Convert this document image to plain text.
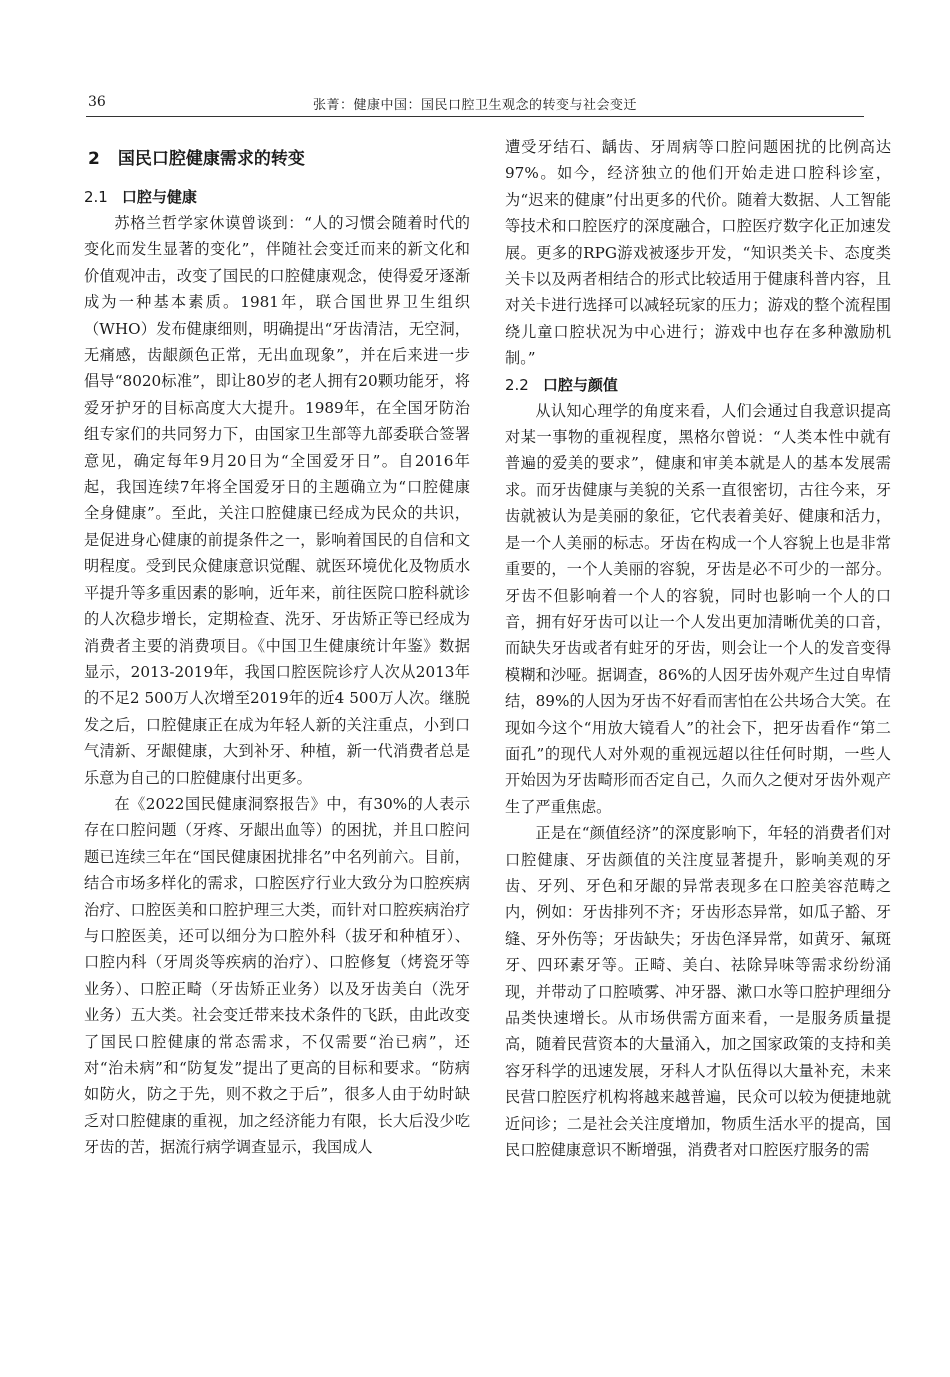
36	张菁：健康中国：国民口腔卫生观念的转变与社会变迁
2 国民口腔健康需求的转变
2.1 口腔与健康

苏格兰哲学家休谟曾谈到：“人的习惯会随着时代的变化而发生显著的变化”，伴随社会变迁而来的新文化和价值观冲击，改变了国民的口腔健康观念，使得爱牙逐渐成为一种基本素质。1981年，联合国世界卫生组织（WHO）发布健康细则，明确提出“牙齿清洁，无空洞，无痛感，齿龈颜色正常，无出血现象”，并在后来进一步倡导“8020标准”，即让80岁的老人拥有20颗功能牙，将爱牙护牙的目标高度大大提升。1989年，在全国牙防治组专家们的共同努力下，由国家卫生部等九部委联合签署意见，确定每年9月20日为“全国爱牙日”。自2016年起，我国连续7年将全国爱牙日的主题确立为“口腔健康 全身健康”。至此，关注口腔健康已经成为民众的共识，是促进身心健康的前提条件之一，影响着国民的自信和文明程度。受到民众健康意识觉醒、就医环境优化及物质水平提升等多重因素的影响，近年来，前往医院口腔科就诊的人次稳步增长，定期检查、洗牙、牙齿矫正等已经成为消费者主要的消费项目。《中国卫生健康统计年鉴》数据显示，2013-2019年，我国口腔医院诊疗人次从2013年的不足2 500万人次增至2019年的近4 500万人次。继脱发之后，口腔健康正在成为年轻人新的关注重点，小到口气清新、牙龈健康，大到补牙、种植，新一代消费者总是乐意为自己的口腔健康付出更多。

在《2022国民健康洞察报告》中，有30%的人表示存在口腔问题（牙疼、牙龈出血等）的困扰，并且口腔问题已连续三年在“国民健康困扰排名”中名列前六。目前，结合市场多样化的需求，口腔医疗行业大致分为口腔疾病治疗、口腔医美和口腔护理三大类，而针对口腔疾病治疗与口腔医美，还可以细分为口腔外科（拔牙和种植牙）、口腔内科（牙周炎等疾病的治疗）、口腔修复（烤瓷牙等业务）、口腔正畸（牙齿矫正业务）以及牙齿美白（洗牙业务）五大类。社会变迁带来技术条件的飞跃，由此改变了国民口腔健康的常态需求，不仅需要“治已病”，还对“治未病”和“防复发”提出了更高的目标和要求。“防病如防火，防之于先，则不救之于后”，很多人由于幼时缺乏对口腔健康的重视，加之经济能力有限，长大后没少吃牙齿的苦，据流行病学调查显示，我国成人

遭受牙结石、龋齿、牙周病等口腔问题困扰的比例高达97%。如今，经济独立的他们开始走进口腔科诊室，为“迟来的健康”付出更多的代价。随着大数据、人工智能等技术和口腔医疗的深度融合，口腔医疗数字化正加速发展。更多的RPG游戏被逐步开发，“知识类关卡、态度类关卡以及两者相结合的形式比较适用于健康科普内容，且对关卡进行选择可以减轻玩家的压力；游戏的整个流程围绕儿童口腔状况为中心进行；游戏中也存在多种激励机制。”

2.2 口腔与颜值

从认知心理学的角度来看，人们会通过自我意识提高对某一事物的重视程度，黑格尔曾说：“人类本性中就有普遍的爱美的要求”，健康和审美本就是人的基本发展需求。而牙齿健康与美貌的关系一直很密切，古往今来，牙齿就被认为是美丽的象征，它代表着美好、健康和活力，是一个人美丽的标志。牙齿在构成一个人容貌上也是非常重要的，一个人美丽的容貌，牙齿是必不可少的一部分。牙齿不但影响着一个人的容貌，同时也影响一个人的口音，拥有好牙齿可以让一个人发出更加清晰优美的口音，而缺失牙齿或者有蛀牙的牙齿，则会让一个人的发音变得模糊和沙哑。据调查，86%的人因牙齿外观产生过自卑情结，89%的人因为牙齿不好看而害怕在公共场合大笑。在现如今这个“用放大镜看人”的社会下，把牙齿看作“第二面孔”的现代人对外观的重视远超以往任何时期，一些人开始因为牙齿畸形而否定自己，久而久之便对牙齿外观产生了严重焦虑。

正是在“颜值经济”的深度影响下，年轻的消费者们对口腔健康、牙齿颜值的关注度显著提升，影响美观的牙齿、牙列、牙色和牙龈的异常表现多在口腔美容范畴之内，例如：牙齿排列不齐；牙齿形态异常，如瓜子豁、牙缝、牙外伤等；牙齿缺失；牙齿色泽异常，如黄牙、氟斑牙、四环素牙等。正畸、美白、祛除异味等需求纷纷涌现，并带动了口腔喷雾、冲牙器、漱口水等口腔护理细分品类快速增长。从市场供需方面来看，一是服务质量提高，随着民营资本的大量涌入，加之国家政策的支持和美容牙科学的迅速发展，牙科人才队伍得以大量补充，未来民营口腔医疗机构将越来越普遍，民众可以较为便捷地就近问诊；二是社会关注度增加，物质生活水平的提高，国民口腔健康意识不断增强，消费者对口腔医疗服务的需
